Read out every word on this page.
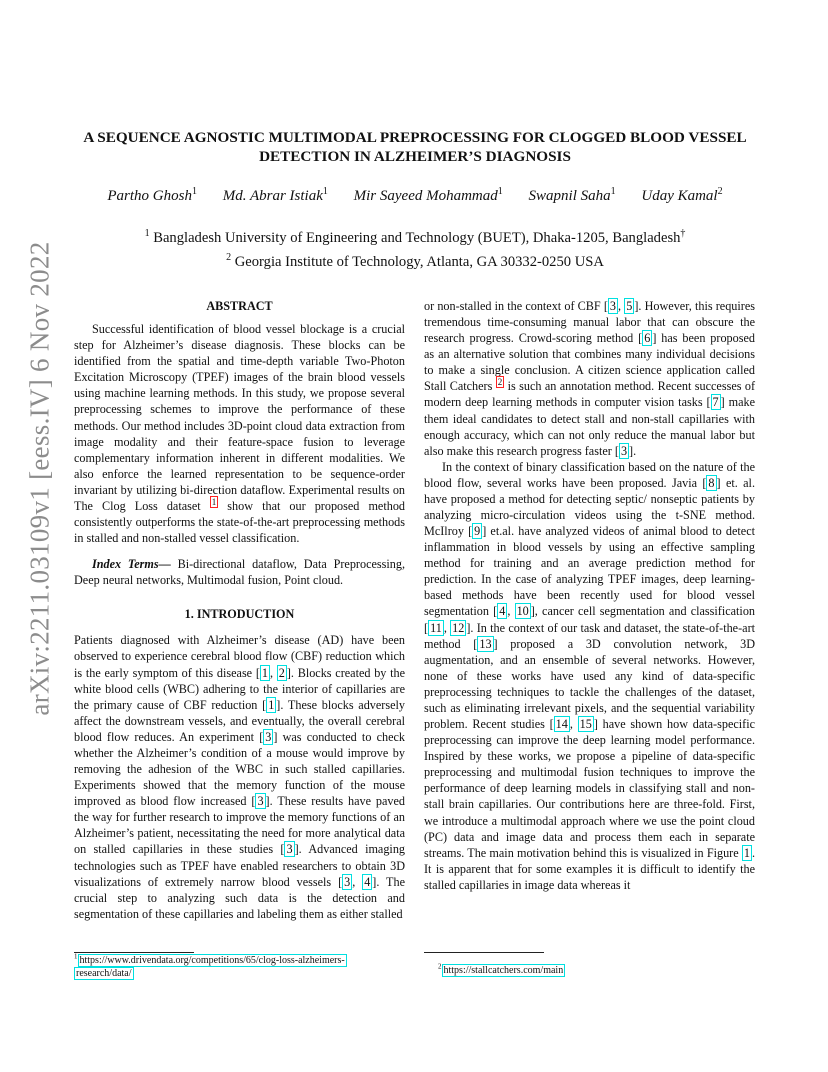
arXiv:2211.03109v1 [eess.IV] 6 Nov 2022
A SEQUENCE AGNOSTIC MULTIMODAL PREPROCESSING FOR CLOGGED BLOOD VESSEL DETECTION IN ALZHEIMER’S DIAGNOSIS
Partho Ghosh$^1$ Md. Abrar Istiak$^1$ Mir Sayeed Mohammad$^1$ Swapnil Saha$^1$ Uday Kamal$^2$
$^1$ Bangladesh University of Engineering and Technology (BUET), Dhaka-1205, Bangladesh†
$^2$ Georgia Institute of Technology, Atlanta, GA 30332-0250 USA
ABSTRACT

Successful identification of blood vessel blockage is a crucial step for Alzheimer’s disease diagnosis. These blocks can be identified from the spatial and time-depth variable Two-Photon Excitation Microscopy (TPEF) images of the brain blood vessels using machine learning methods. In this study, we propose several preprocessing schemes to improve the performance of these methods. Our method includes 3D-point cloud data extraction from image modality and their feature-space fusion to leverage complementary information inherent in different modalities. We also enforce the learned representation to be sequence-order invariant by utilizing bi-direction dataflow. Experimental results on The Clog Loss dataset $^1$ show that our proposed method consistently outperforms the state-of-the-art preprocessing methods in stalled and non-stalled vessel classification.

Index Terms— Bi-directional dataflow, Data Preprocessing, Deep neural networks, Multimodal fusion, Point cloud.

1. INTRODUCTION

Patients diagnosed with Alzheimer’s disease (AD) have been observed to experience cerebral blood flow (CBF) reduction which is the early symptom of this disease [ 1 , 2 ]. Blocks created by the white blood cells (WBC) adhering to the interior of capillaries are the primary cause of CBF reduction [ 1 ]. These blocks adversely affect the downstream vessels, and eventually, the overall cerebral blood flow reduces. An experiment [ 3 ] was conducted to check whether the Alzheimer’s condition of a mouse would improve by removing the adhesion of the WBC in such stalled capillaries. Experiments showed that the memory function of the mouse improved as blood flow increased [ 3 ]. These results have paved the way for further research to improve the memory functions of an Alzheimer’s patient, necessitating the need for more analytical data on stalled capillaries in these studies [ 3 ]. Advanced imaging technologies such as TPEF have enabled researchers to obtain 3D visualizations of extremely narrow blood vessels [ 3 , 4 ]. The crucial step to analyzing such data is the detection and segmentation of these capillaries and labeling them as either stalled

or non-stalled in the context of CBF [ 3 , 5 ]. However, this requires tremendous time-consuming manual labor that can obscure the research progress. Crowd-scoring method [ 6 ] has been proposed as an alternative solution that combines many individual decisions to make a single conclusion. A citizen science application called Stall Catchers $^2$ is such an annotation method. Recent successes of modern deep learning methods in computer vision tasks [ 7 ] make them ideal candidates to detect stall and non-stall capillaries with enough accuracy, which can not only reduce the manual labor but also make this research progress faster [ 3 ].

In the context of binary classification based on the nature of the blood flow, several works have been proposed. Javia [ 8 ] et. al. have proposed a method for detecting septic/ nonseptic patients by analyzing micro-circulation videos using the t-SNE method. McIlroy [ 9 ] et.al. have analyzed videos of animal blood to detect inflammation in blood vessels by using an effective sampling method for training and an average prediction method for prediction. In the case of analyzing TPEF images, deep learning-based methods have been recently used for blood vessel segmentation [ 4 , 10 ], cancer cell segmentation and classification [ 11 , 12 ]. In the context of our task and dataset, the state-of-the-art method [ 13 ] proposed a 3D convolution network, 3D augmentation, and an ensemble of several networks. However, none of these works have used any kind of data-specific preprocessing techniques to tackle the challenges of the dataset, such as eliminating irrelevant pixels, and the sequential variability problem. Recent studies [ 14 , 15 ] have shown how data-specific preprocessing can improve the deep learning model performance. Inspired by these works, we propose a pipeline of data-specific preprocessing and multimodal fusion techniques to improve the performance of deep learning models in classifying stall and non-stall brain capillaries. Our contributions here are three-fold. First, we introduce a multimodal approach where we use the point cloud (PC) data and image data and process them each in separate streams. The main motivation behind this is visualized in Figure 1 . It is apparent that for some examples it is difficult to identify the stalled capillaries in image data whereas it

$^1$ https://www.drivendata.org/competitions/65/clog-loss-alzheimers-
research/data/
$^2$ https://stallcatchers.com/main
